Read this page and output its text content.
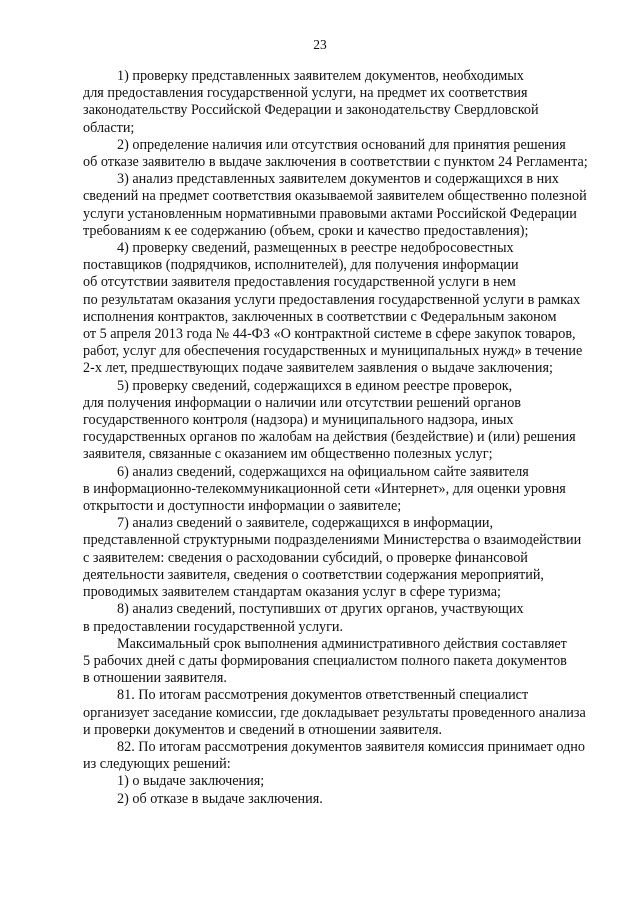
23

1) проверку представленных заявителем документов, необходимых
для предоставления государственной услуги, на предмет их соответствия
законодательству Российской Федерации и законодательству Свердловской
области;

2) определение наличия или отсутствия оснований для принятия решения
об отказе заявителю в выдаче заключения в соответствии с пунктом 24 Регламента;

3) анализ представленных заявителем документов и содержащихся в них
сведений на предмет соответствия оказываемой заявителем общественно полезной
услуги установленным нормативными правовыми актами Российской Федерации
требованиям к ее содержанию (объем, сроки и качество предоставления);

4) проверку сведений, размещенных в реестре недобросовестных
поставщиков (подрядчиков, исполнителей), для получения информации
об отсутствии заявителя предоставления государственной услуги в нем
по результатам оказания услуги предоставления государственной услуги в рамках
исполнения контрактов, заключенных в соответствии с Федеральным законом
от 5 апреля 2013 года № 44-ФЗ «О контрактной системе в сфере закупок товаров,
работ, услуг для обеспечения государственных и муниципальных нужд» в течение
2-х лет, предшествующих подаче заявителем заявления о выдаче заключения;

5) проверку сведений, содержащихся в едином реестре проверок,
для получения информации о наличии или отсутствии решений органов
государственного контроля (надзора) и муниципального надзора, иных
государственных органов по жалобам на действия (бездействие) и (или) решения
заявителя, связанные с оказанием им общественно полезных услуг;

6) анализ сведений, содержащихся на официальном сайте заявителя
в информационно-телекоммуникационной сети «Интернет», для оценки уровня
открытости и доступности информации о заявителе;

7) анализ сведений о заявителе, содержащихся в информации,
представленной структурными подразделениями Министерства о взаимодействии
с заявителем: сведения о расходовании субсидий, о проверке финансовой
деятельности заявителя, сведения о соответствии содержания мероприятий,
проводимых заявителем стандартам оказания услуг в сфере туризма;

8) анализ сведений, поступивших от других органов, участвующих
в предоставлении государственной услуги.

Максимальный срок выполнения административного действия составляет
5 рабочих дней с даты формирования специалистом полного пакета документов
в отношении заявителя.

81. По итогам рассмотрения документов ответственный специалист
организует заседание комиссии, где докладывает результаты проведенного анализа
и проверки документов и сведений в отношении заявителя.

82. По итогам рассмотрения документов заявителя комиссия принимает одно
из следующих решений:

1) о выдаче заключения;

2) об отказе в выдаче заключения.
